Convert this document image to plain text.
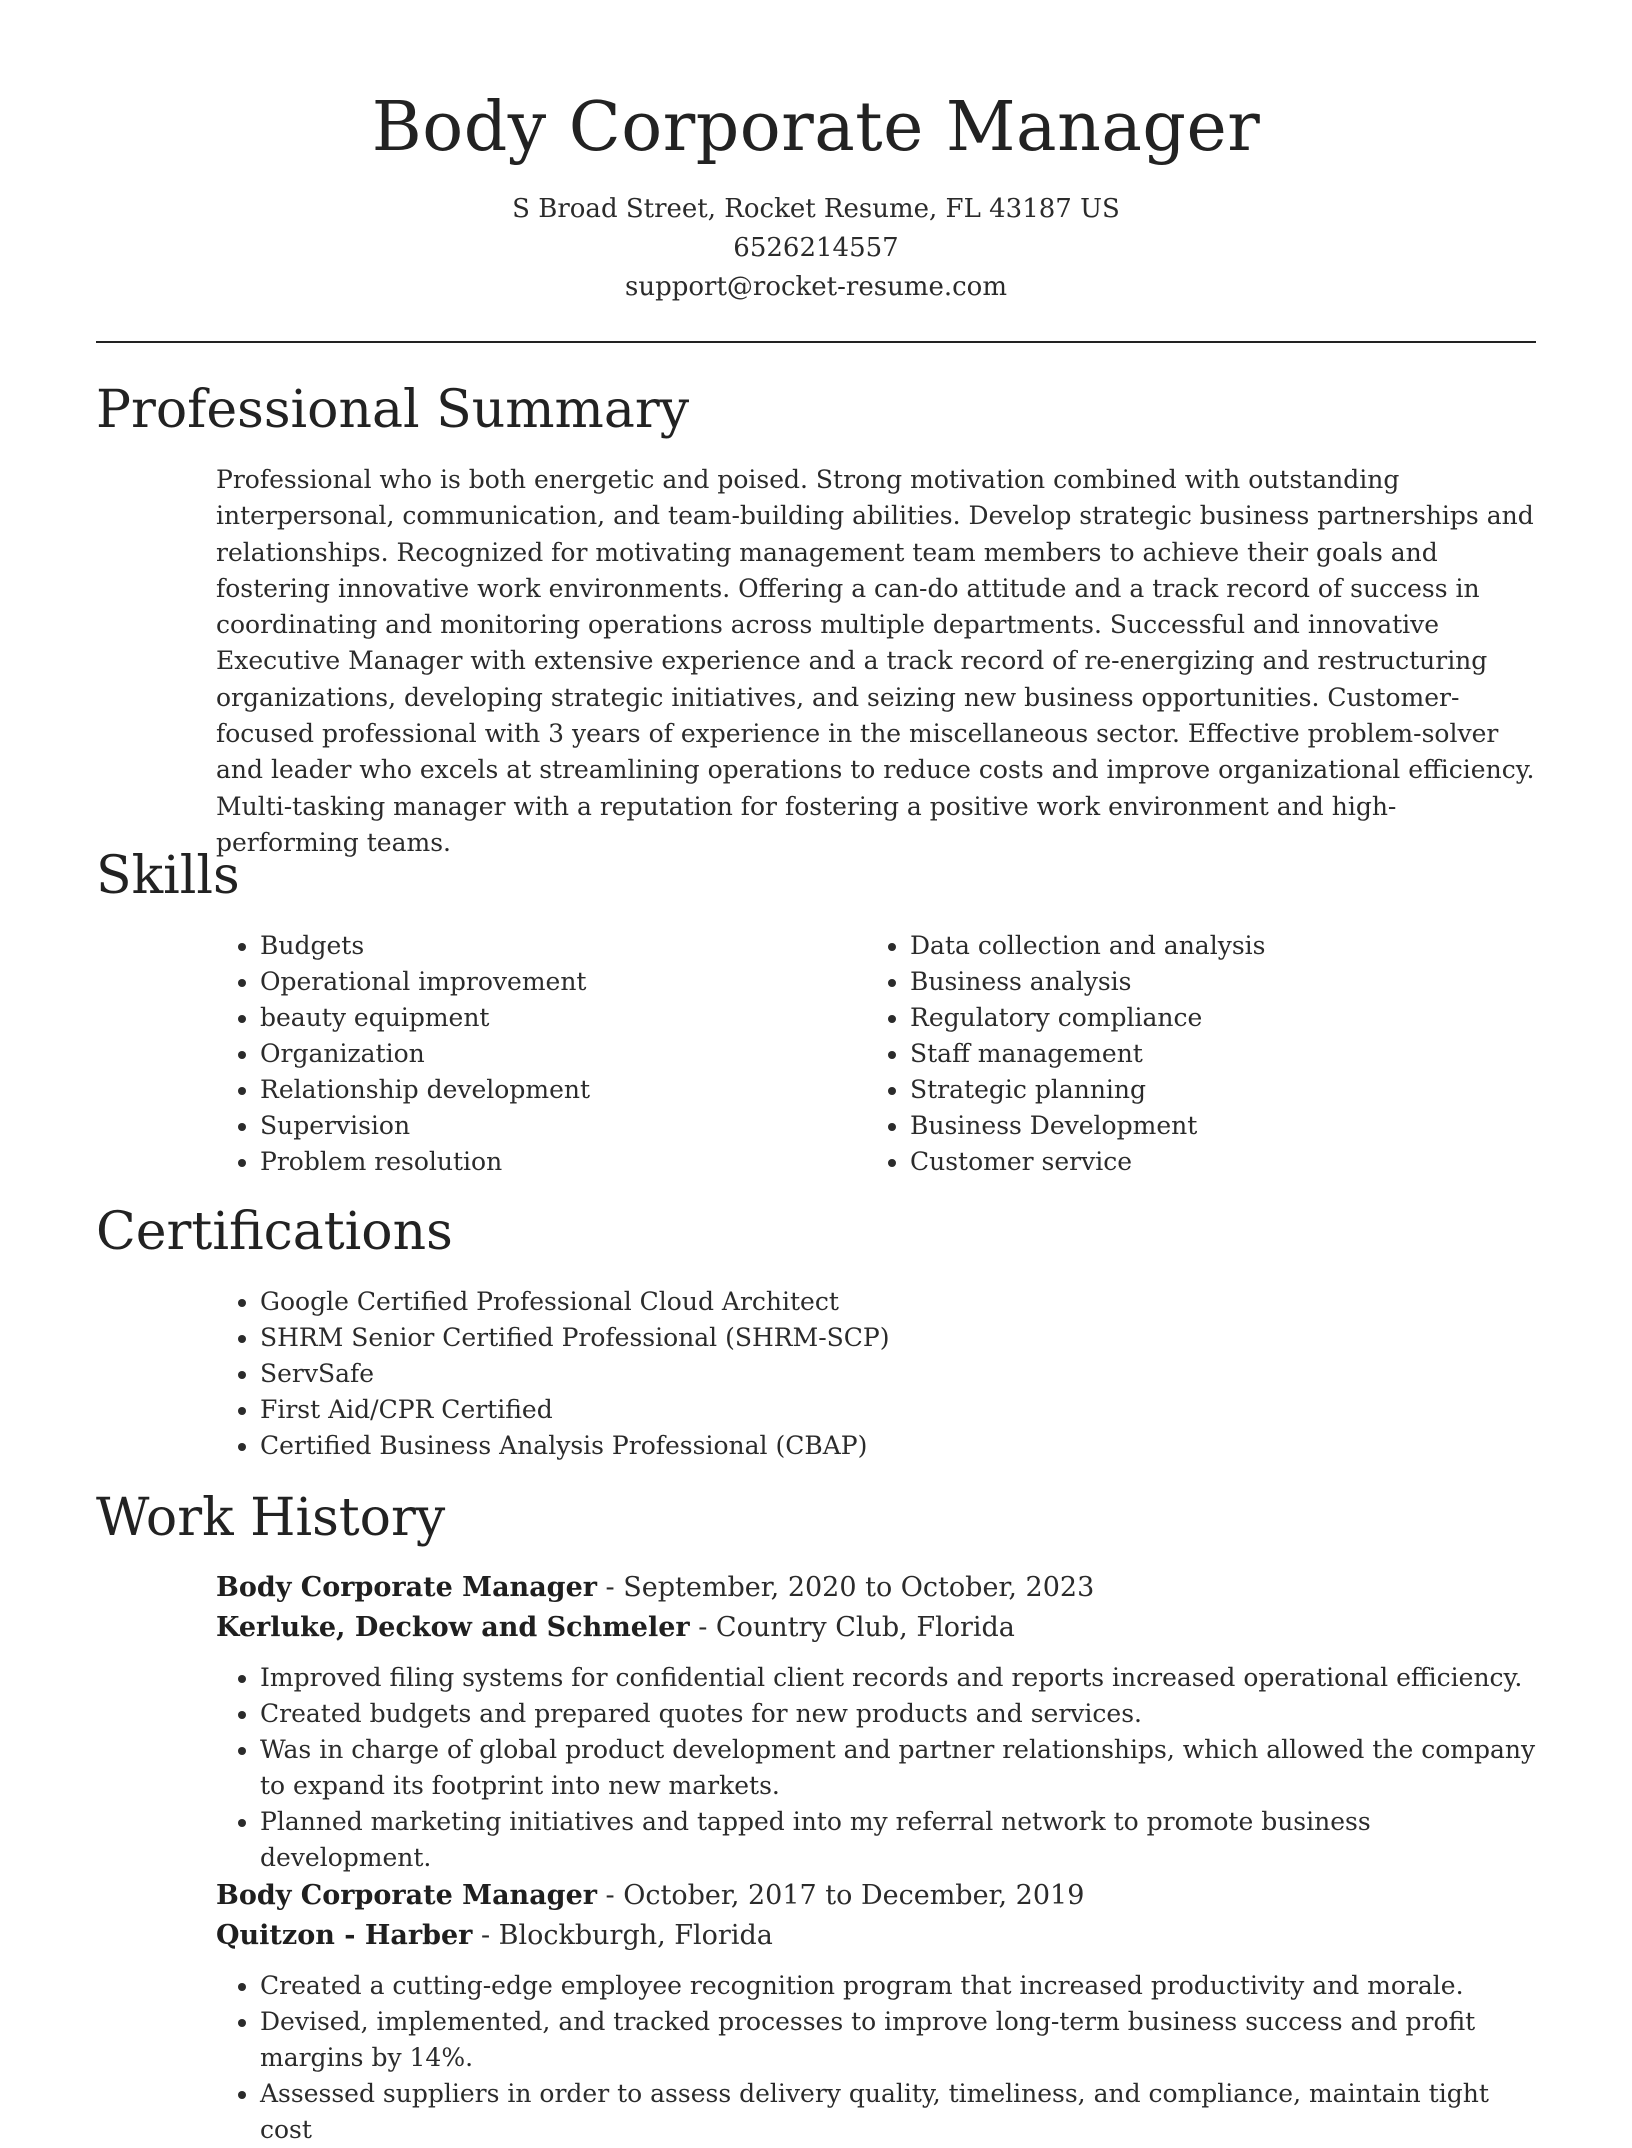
Body Corporate Manager
S Broad Street, Rocket Resume, FL 43187 US
6526214557
support@rocket-resume.com
Professional Summary

Professional who is both energetic and poised. Strong motivation combined with outstanding interpersonal, communication, and team-building abilities. Develop strategic business partnerships and relationships. Recognized for motivating management team members to achieve their goals and fostering innovative work environments. Offering a can-do attitude and a track record of success in coordinating and monitoring operations across multiple departments. Successful and innovative Executive Manager with extensive experience and a track record of re-energizing and restructuring organizations, developing strategic initiatives, and seizing new business opportunities. Customer-focused professional with 3 years of experience in the miscellaneous sector. Effective problem-solver and leader who excels at streamlining operations to reduce costs and improve organizational efficiency. Multi-tasking manager with a reputation for fostering a positive work environment and high-performing teams.

Skills
• Budgets
• Operational improvement
• beauty equipment
• Organization
• Relationship development
• Supervision
• Problem resolution
• Data collection and analysis
• Business analysis
• Regulatory compliance
• Staff management
• Strategic planning
• Business Development
• Customer service
Certifications
• Google Certified Professional Cloud Architect
• SHRM Senior Certified Professional (SHRM-SCP)
• ServSafe
• First Aid/CPR Certified
• Certified Business Analysis Professional (CBAP)
Work History

Body Corporate Manager - September, 2020 to October, 2023

Kerluke, Deckow and Schmeler - Country Club, Florida

• Improved filing systems for confidential client records and reports increased operational efficiency.
• Created budgets and prepared quotes for new products and services.
• Was in charge of global product development and partner relationships, which allowed the company to expand its footprint into new markets.
• Planned marketing initiatives and tapped into my referral network to promote business development.

Body Corporate Manager - October, 2017 to December, 2019

Quitzon - Harber - Blockburgh, Florida

• Created a cutting-edge employee recognition program that increased productivity and morale.
• Devised, implemented, and tracked processes to improve long-term business success and profit margins by 14%.
• Assessed suppliers in order to assess delivery quality, timeliness, and compliance, maintain tight cost
